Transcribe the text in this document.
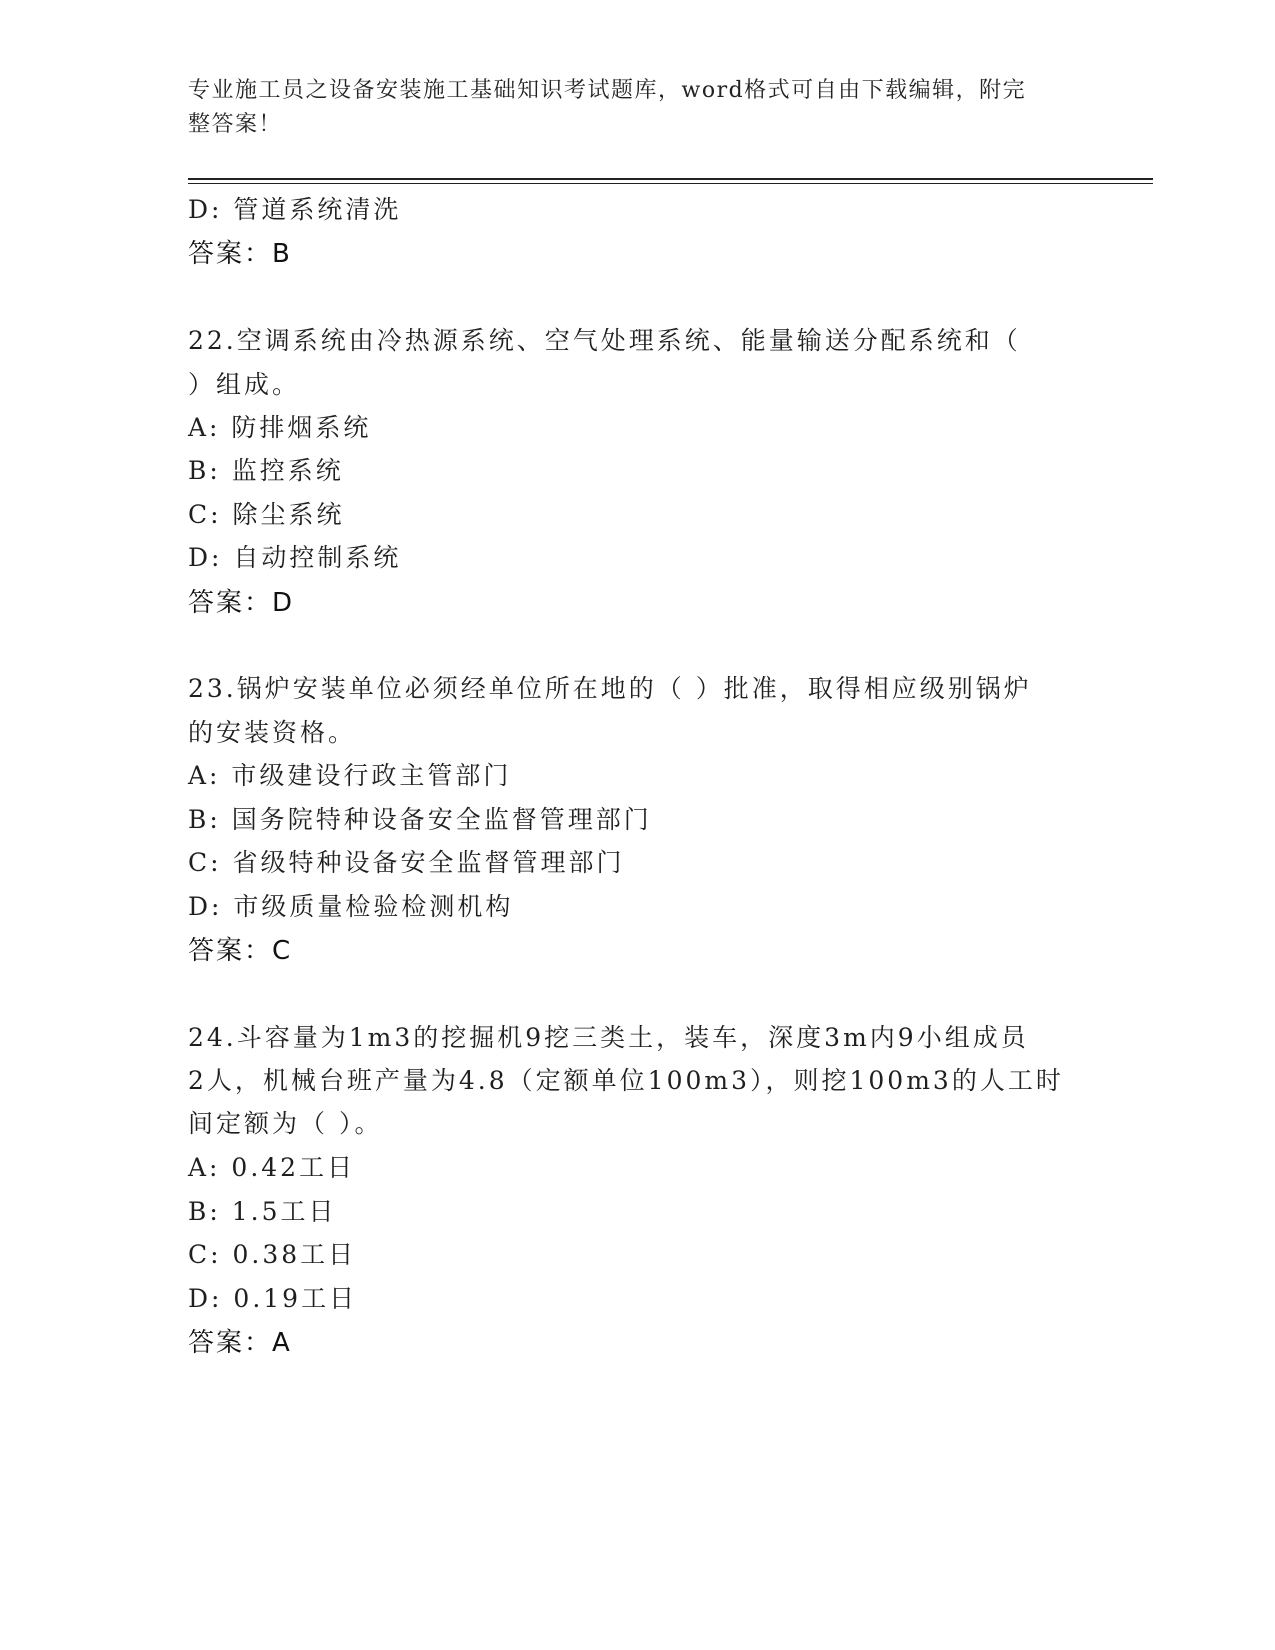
专业施工员之设备安装施工基础知识考试题库，word格式可自由下载编辑，附完
整答案！
D: 管道系统清洗
答案：B
22.空调系统由冷热源系统、空气处理系统、能量输送分配系统和（
）组成。
A: 防排烟系统
B: 监控系统
C: 除尘系统
D: 自动控制系统
答案：D
23.锅炉安装单位必须经单位所在地的（ ）批准，取得相应级别锅炉
的安装资格。
A: 市级建设行政主管部门
B: 国务院特种设备安全监督管理部门
C: 省级特种设备安全监督管理部门
D: 市级质量检验检测机构
答案：C
24.斗容量为1m3的挖掘机9挖三类土，装车，深度3m内9小组成员
2人，机械台班产量为4.8（定额单位100m3），则挖100m3的人工时
间定额为（ ）。
A: 0.42工日
B: 1.5工日
C: 0.38工日
D: 0.19工日
答案：A
